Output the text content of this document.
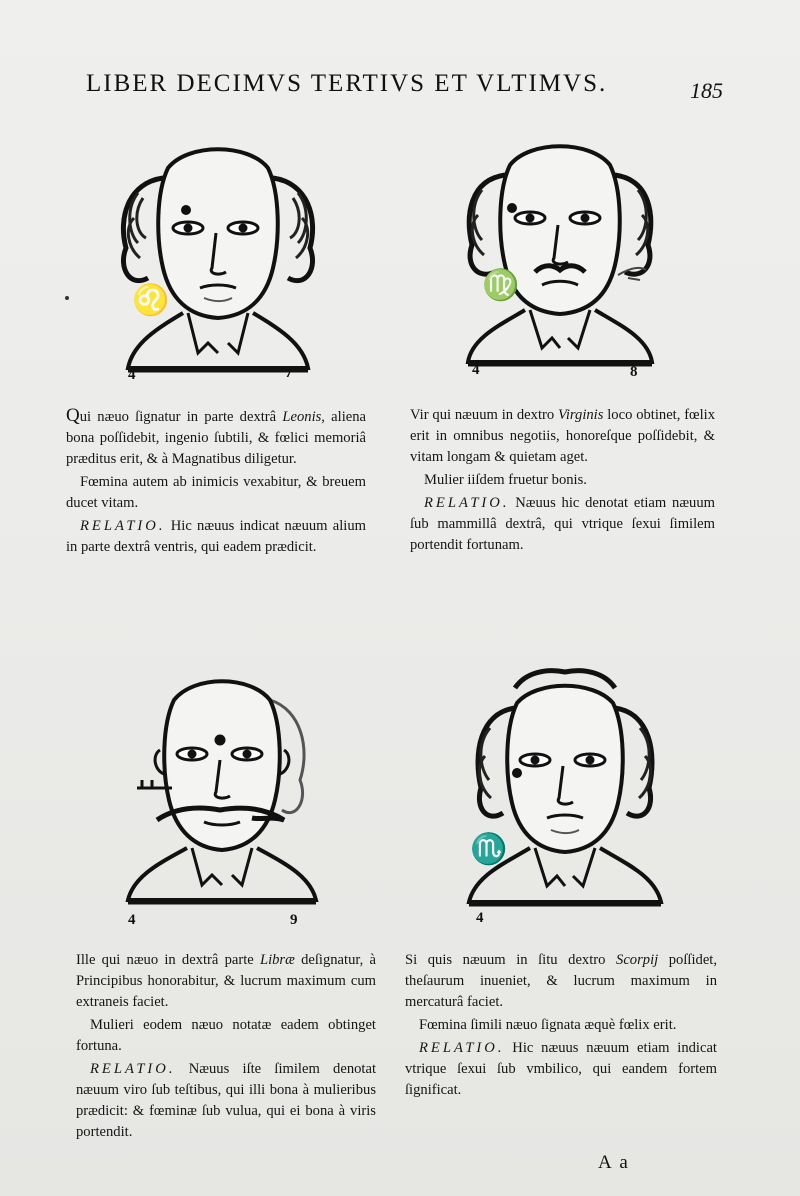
LIBER DECIMVS TERTIVS ET VLTIMVS.	185
♌
4	7
♍
4	8

Qui næuo ſignatur in parte dextrâ Leonis, aliena bona poſſidebit, ingenio ſubtili, & fœlici memoriâ præditus erit, & à Magnatibus diligetur.

Fœmina autem ab inimicis vexabitur, & breuem ducet vitam.

RELATIO. Hic næuus indicat næuum alium in parte dextrâ ventris, qui eadem prædicit.

Vir qui næuum in dextro Virginis loco obtinet, fœlix erit in omnibus negotiis, honoreſque poſſidebit, & vitam longam & quietam aget.

Mulier iiſdem fruetur bonis.

RELATIO. Næuus hic denotat etiam næuum ſub mammillâ dextrâ, qui vtrique ſexui ſimilem portendit fortunam.

4	9
♏
4

Ille qui næuo in dextrâ parte Libræ deſignatur, à Principibus honorabitur, & lucrum maximum cum extraneis faciet.

Mulieri eodem næuo notatæ eadem obtinget fortuna.

RELATIO. Næuus iſte ſimilem denotat næuum viro ſub teſtibus, qui illi bona à mulieribus prædicit: & fœminæ ſub vulua, qui ei bona à viris portendit.

Si quis næuum in ſitu dextro Scorpij poſſidet, theſaurum inueniet, & lucrum maximum in mercaturâ faciet.

Fœmina ſimili næuo ſignata æquè fœlix erit.

RELATIO. Hic næuus næuum etiam indicat vtrique ſexui ſub vmbilico, qui eandem fortem ſignificat.

A a
